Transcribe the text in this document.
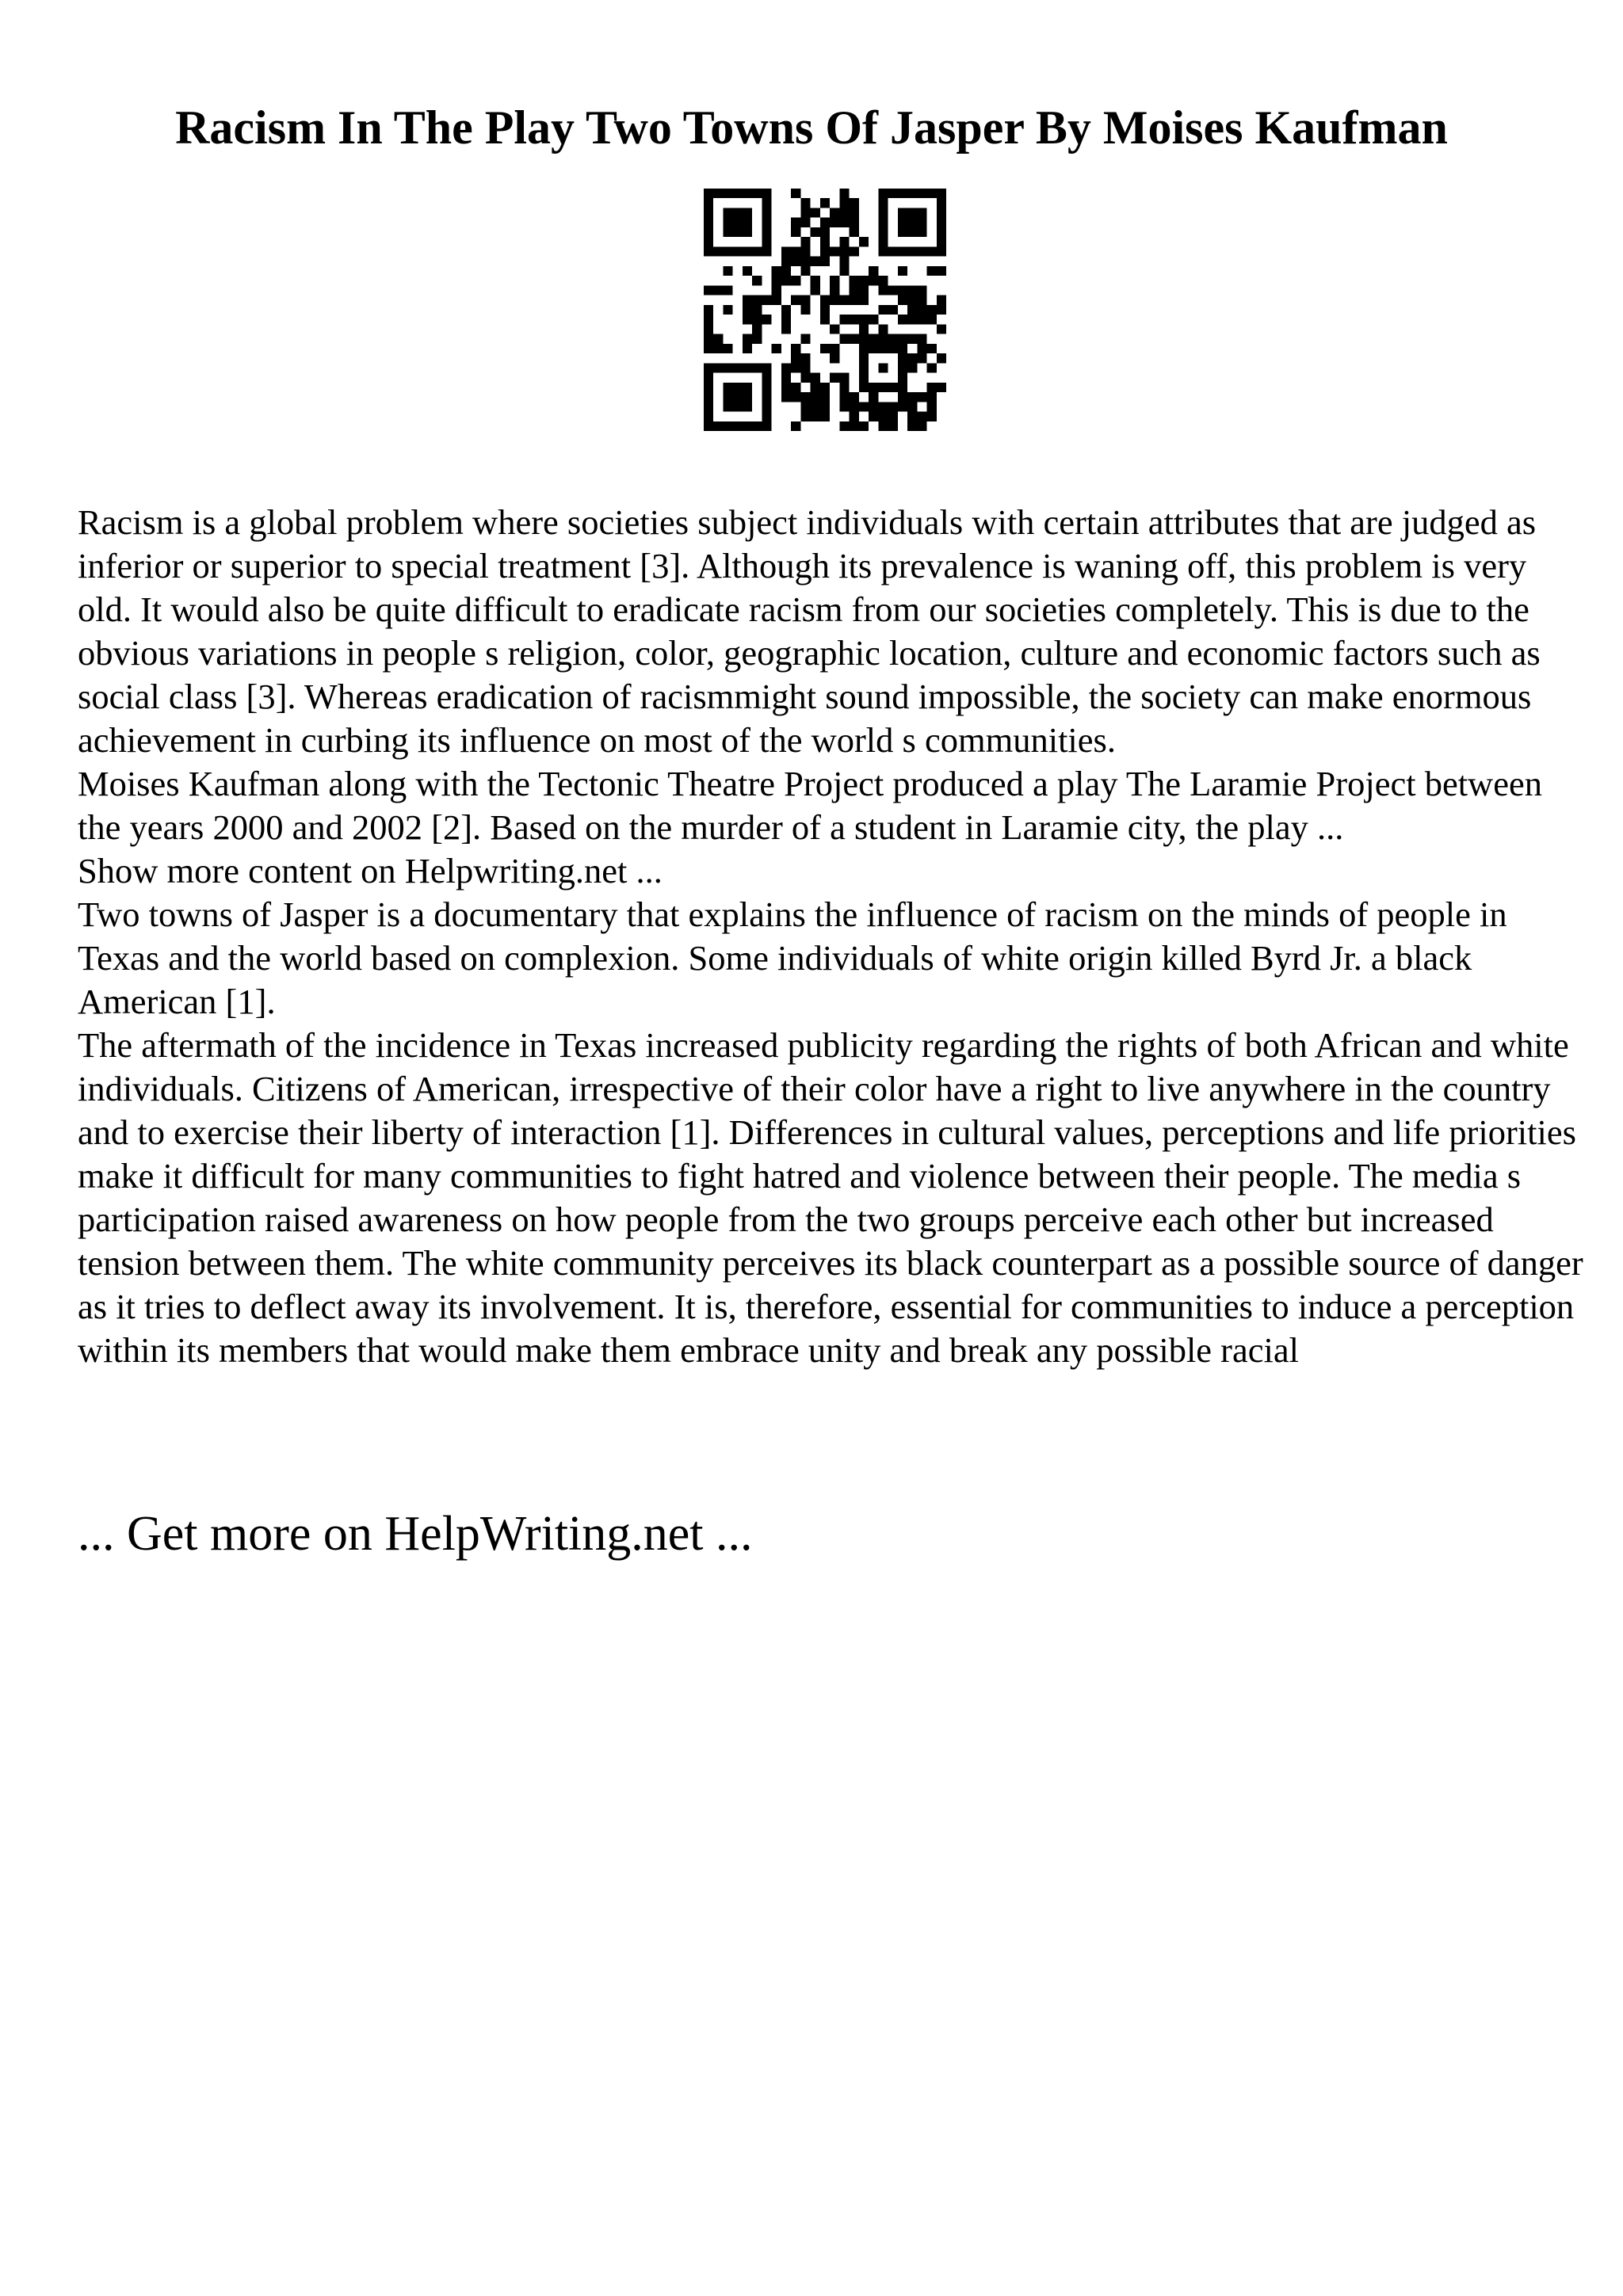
Racism In The Play Two Towns Of Jasper By Moises Kaufman

Racism is a global problem where societies subject individuals with certain attributes that are judged as inferior or superior to special treatment [3]. Although its prevalence is waning off, this problem is very old. It would also be quite difficult to eradicate racism from our societies completely. This is due to the obvious variations in people s religion, color, geographic location, culture and economic factors such as social class [3]. Whereas eradication of racismmight sound impossible, the society can make enormous achievement in curbing its influence on most of the world s communities.

Moises Kaufman along with the Tectonic Theatre Project produced a play The Laramie Project between the years 2000 and 2002 [2]. Based on the murder of a student in Laramie city, the play ...

Show more content on Helpwriting.net ...

Two towns of Jasper is a documentary that explains the influence of racism on the minds of people in Texas and the world based on complexion. Some individuals of white origin killed Byrd Jr. a black American [1].

The aftermath of the incidence in Texas increased publicity regarding the rights of both African and white individuals. Citizens of American, irrespective of their color have a right to live anywhere in the country and to exercise their liberty of interaction [1]. Differences in cultural values, perceptions and life priorities make it difficult for many communities to fight hatred and violence between their people. The media s participation raised awareness on how people from the two groups perceive each other but increased tension between them. The white community perceives its black counterpart as a possible source of danger as it tries to deflect away its involvement. It is, therefore, essential for communities to induce a perception within its members that would make them embrace unity and break any possible racial

... Get more on HelpWriting.net ...
